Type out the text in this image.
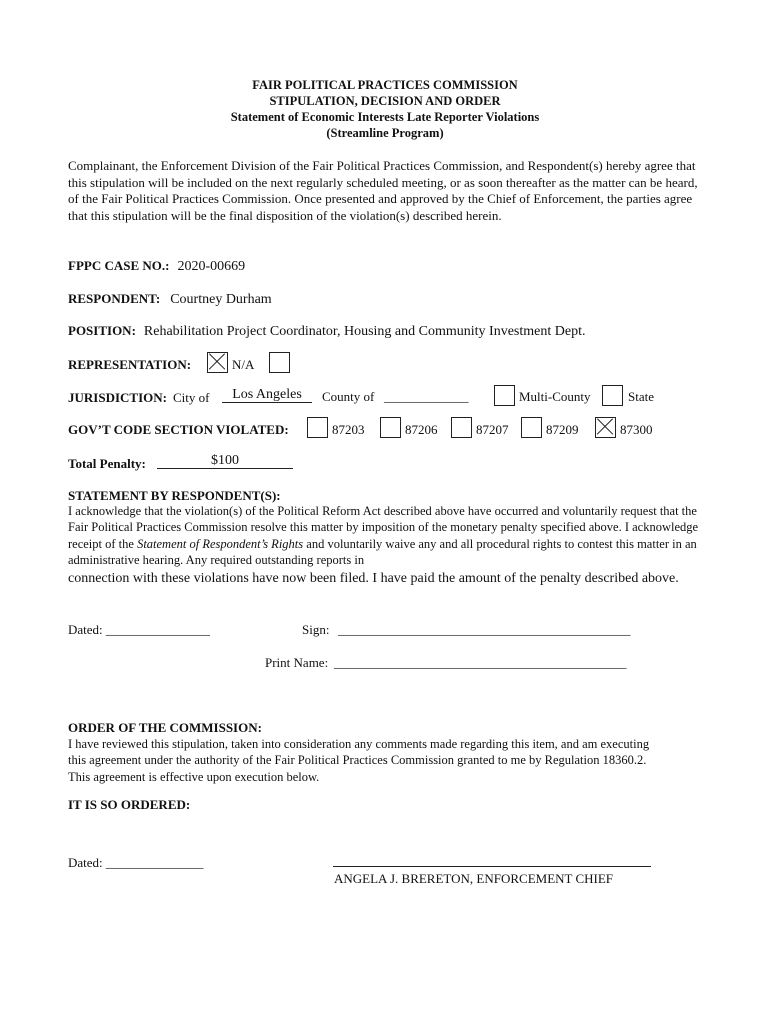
FAIR POLITICAL PRACTICES COMMISSION
STIPULATION, DECISION AND ORDER
Statement of Economic Interests Late Reporter Violations
(Streamline Program)
Complainant, the Enforcement Division of the Fair Political Practices Commission, and Respondent(s) hereby agree that this stipulation will be included on the next regularly scheduled meeting, or as soon thereafter as the matter can be heard, of the Fair Political Practices Commission. Once presented and approved by the Chief of Enforcement, the parties agree that this stipulation will be the final disposition of the violation(s) described herein.
FPPC CASE NO.: 2020-00669
RESPONDENT: Courtney Durham
POSITION: Rehabilitation Project Coordinator, Housing and Community Investment Dept.
REPRESENTATION:	N/A
JURISDICTION: City of	Los Angeles	County of _____________	Multi-County	State
GOV’T CODE SECTION VIOLATED:	87203	87206	87207	87209	87300
Total Penalty:	$100
STATEMENT BY RESPONDENT(S):
I acknowledge that the violation(s) of the Political Reform Act described above have occurred and voluntarily request that the Fair Political Practices Commission resolve this matter by imposition of the monetary penalty specified above. I acknowledge receipt of the Statement of Respondent’s Rights and voluntarily waive any and all procedural rights to contest this matter in an administrative hearing. Any required outstanding reports in
connection with these violations have now been filed. I have paid the amount of the penalty described above.
Dated: ________________	Sign: _____________________________________________
Print Name: _____________________________________________
ORDER OF THE COMMISSION:
I have reviewed this stipulation, taken into consideration any comments made regarding this item, and am executing this agreement under the authority of the Fair Political Practices Commission granted to me by Regulation 18360.2. This agreement is effective upon execution below.
IT IS SO ORDERED:
Dated: _______________
ANGELA J. BRERETON, ENFORCEMENT CHIEF
